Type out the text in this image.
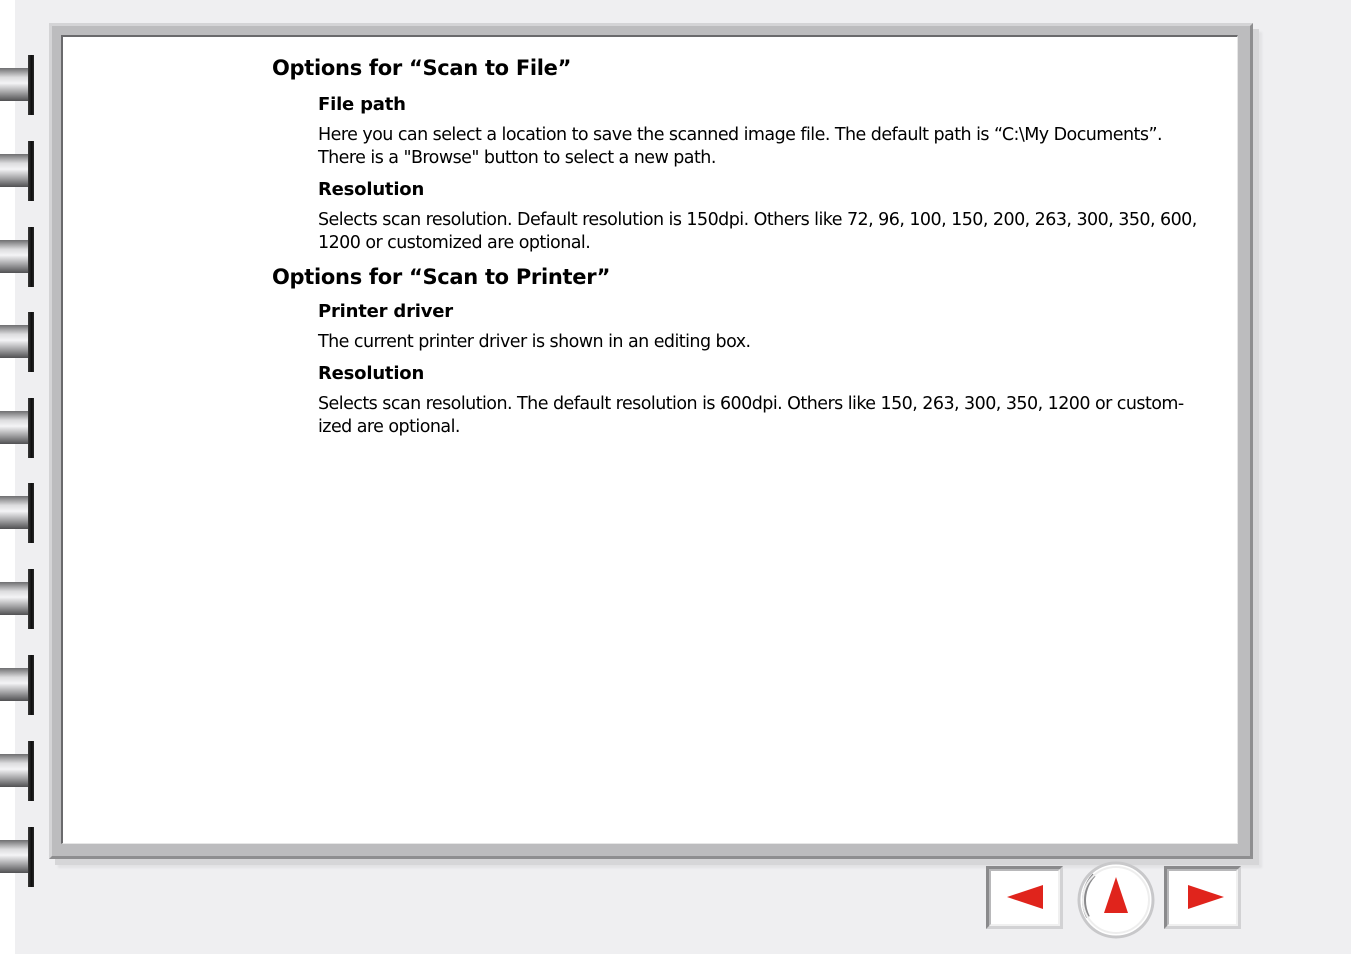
Options for “Scan to File”
File path

Here you can select a location to save the scanned image file. The default path is “C:\My Documents”.

There is a "Browse" button to select a new path.

Resolution

Selects scan resolution. Default resolution is 150dpi. Others like 72, 96, 100, 150, 200, 263, 300, 350, 600,

1200 or customized are optional.

Options for “Scan to Printer”
Printer driver

The current printer driver is shown in an editing box.

Resolution

Selects scan resolution. The default resolution is 600dpi. Others like 150, 263, 300, 350, 1200 or custom-

ized are optional.
